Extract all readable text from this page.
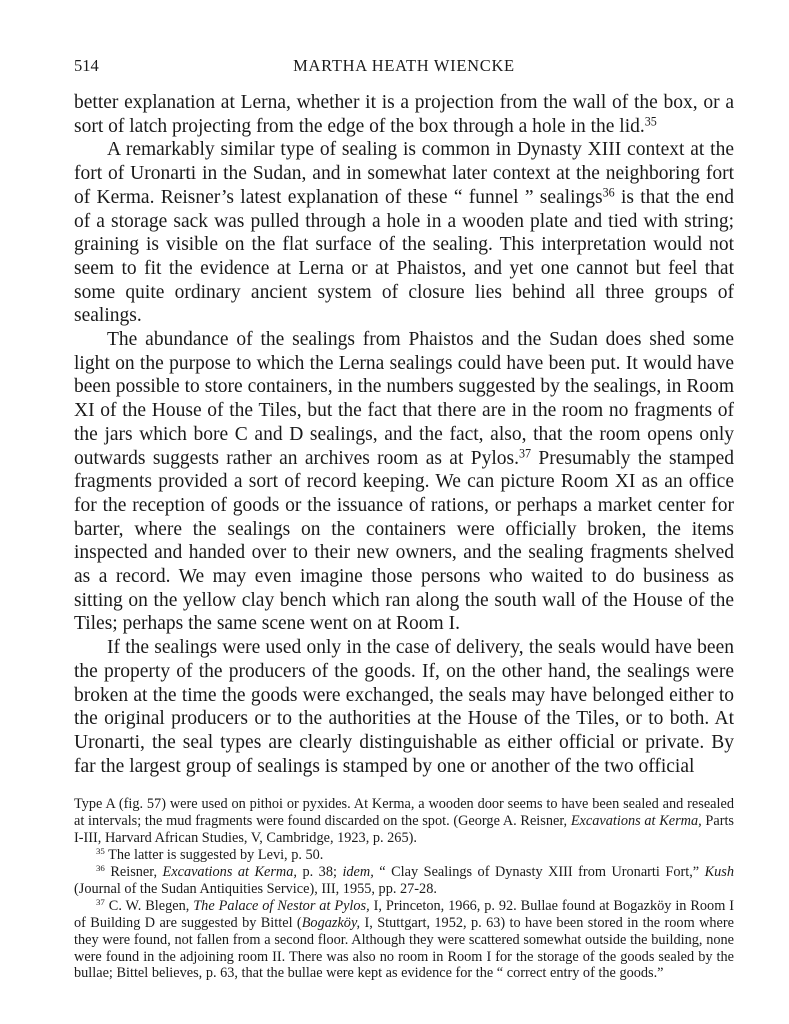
514	MARTHA HEATH WIENCKE

better explanation at Lerna, whether it is a projection from the wall of the box, or a sort of latch projecting from the edge of the box through a hole in the lid.$^{35}$

A remarkably similar type of sealing is common in Dynasty XIII context at the fort of Uronarti in the Sudan, and in somewhat later context at the neighboring fort of Kerma. Reisner’s latest explanation of these “ funnel ” sealings$^{36}$ is that the end of a storage sack was pulled through a hole in a wooden plate and tied with string; graining is visible on the flat surface of the sealing. This interpretation would not seem to fit the evidence at Lerna or at Phaistos, and yet one cannot but feel that some quite ordinary ancient system of closure lies behind all three groups of sealings.

The abundance of the sealings from Phaistos and the Sudan does shed some light on the purpose to which the Lerna sealings could have been put. It would have been possible to store containers, in the numbers suggested by the sealings, in Room XI of the House of the Tiles, but the fact that there are in the room no fragments of the jars which bore C and D sealings, and the fact, also, that the room opens only outwards suggests rather an archives room as at Pylos.$^{37}$ Presumably the stamped fragments provided a sort of record keeping. We can picture Room XI as an office for the reception of goods or the issuance of rations, or perhaps a market center for barter, where the sealings on the containers were officially broken, the items inspected and handed over to their new owners, and the sealing fragments shelved as a record. We may even imagine those persons who waited to do business as sitting on the yellow clay bench which ran along the south wall of the House of the Tiles; perhaps the same scene went on at Room I.

If the sealings were used only in the case of delivery, the seals would have been the property of the producers of the goods. If, on the other hand, the sealings were broken at the time the goods were exchanged, the seals may have belonged either to the original producers or to the authorities at the House of the Tiles, or to both. At Uronarti, the seal types are clearly distinguishable as either official or private. By far the largest group of sealings is stamped by one or another of the two official

Type A (fig. 57) were used on pithoi or pyxides. At Kerma, a wooden door seems to have been sealed and resealed at intervals; the mud fragments were found discarded on the spot. (George A. Reisner, Excavations at Kerma, Parts I-III, Harvard African Studies, V, Cambridge, 1923, p. 265).

$^{35}$ The latter is suggested by Levi, p. 50.

$^{36}$ Reisner, Excavations at Kerma, p. 38; idem, “ Clay Sealings of Dynasty XIII from Uronarti Fort,” Kush (Journal of the Sudan Antiquities Service), III, 1955, pp. 27-28.

$^{37}$ C. W. Blegen, The Palace of Nestor at Pylos, I, Princeton, 1966, p. 92. Bullae found at Bogazköy in Room I of Building D are suggested by Bittel (Bogazköy, I, Stuttgart, 1952, p. 63) to have been stored in the room where they were found, not fallen from a second floor. Although they were scattered somewhat outside the building, none were found in the adjoining room II. There was also no room in Room I for the storage of the goods sealed by the bullae; Bittel believes, p. 63, that the bullae were kept as evidence for the “ correct entry of the goods.”
